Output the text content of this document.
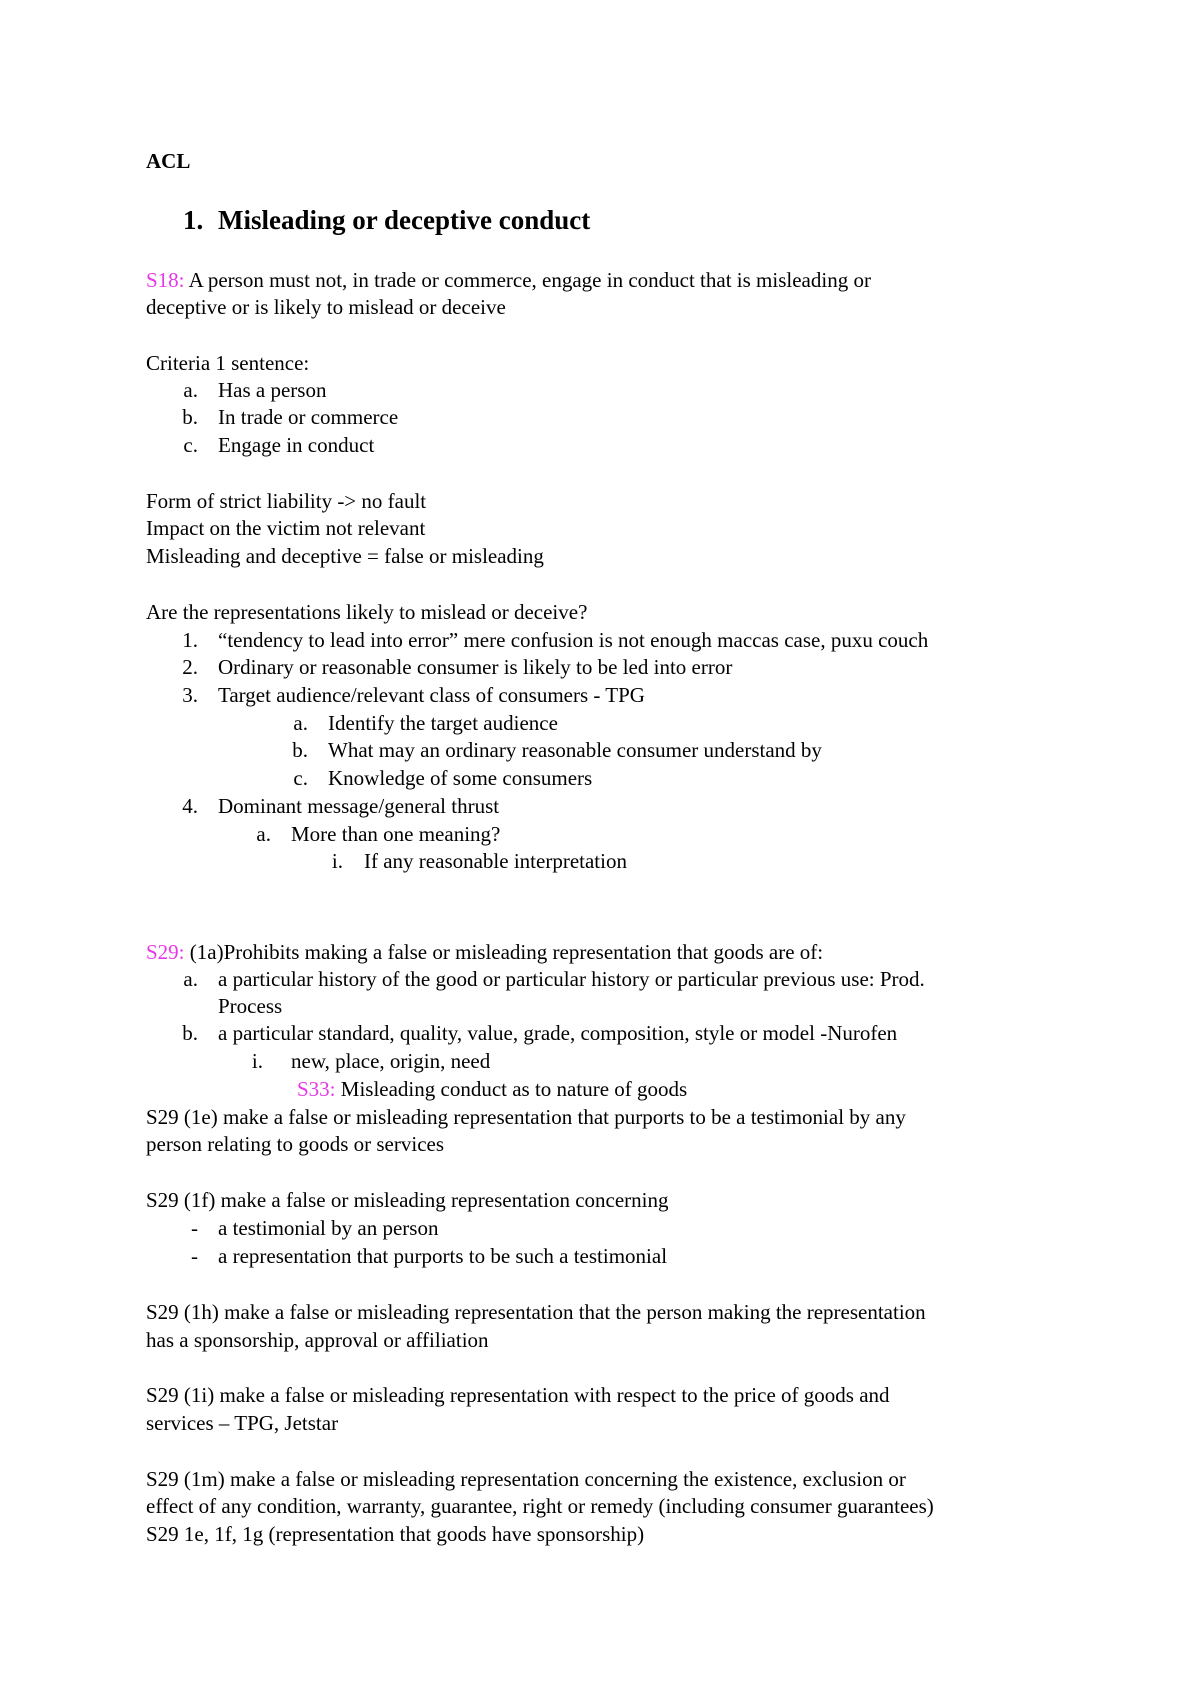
ACL
1. Misleading or deceptive conduct
S18: A person must not, in trade or commerce, engage in conduct that is misleading or
deceptive or is likely to mislead or deceive
Criteria 1 sentence:
a. Has a person
b. In trade or commerce
c. Engage in conduct
Form of strict liability -> no fault
Impact on the victim not relevant
Misleading and deceptive = false or misleading
Are the representations likely to mislead or deceive?
1. “tendency to lead into error” mere confusion is not enough maccas case, puxu couch
2. Ordinary or reasonable consumer is likely to be led into error
3. Target audience/relevant class of consumers - TPG
a. Identify the target audience
b. What may an ordinary reasonable consumer understand by
c. Knowledge of some consumers
4. Dominant message/general thrust
a. More than one meaning?
i. If any reasonable interpretation
S29: (1a)Prohibits making a false or misleading representation that goods are of:
a. a particular history of the good or particular history or particular previous use: Prod.
Process
b. a particular standard, quality, value, grade, composition, style or model -Nurofen
i. new, place, origin, need
S33: Misleading conduct as to nature of goods
S29 (1e) make a false or misleading representation that purports to be a testimonial by any
person relating to goods or services
S29 (1f) make a false or misleading representation concerning
- a testimonial by an person
- a representation that purports to be such a testimonial
S29 (1h) make a false or misleading representation that the person making the representation
has a sponsorship, approval or affiliation
S29 (1i) make a false or misleading representation with respect to the price of goods and
services – TPG, Jetstar
S29 (1m) make a false or misleading representation concerning the existence, exclusion or
effect of any condition, warranty, guarantee, right or remedy (including consumer guarantees)
S29 1e, 1f, 1g (representation that goods have sponsorship)
